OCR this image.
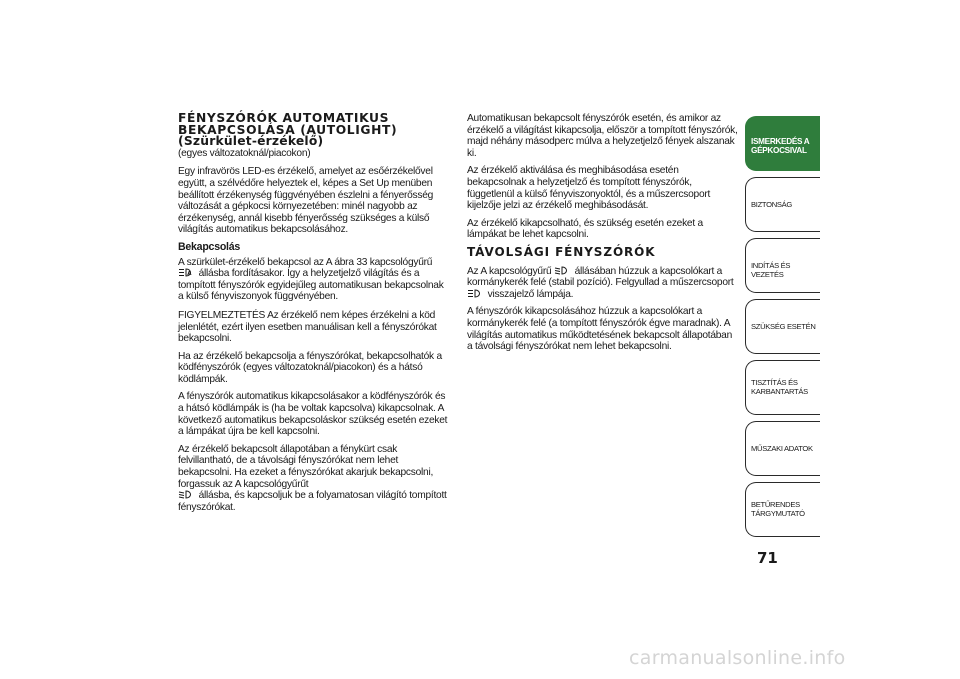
FÉNYSZÓRÓK AUTOMATIKUS
BEKAPCSOLÁSA (AUTOLIGHT)
(Szürkület-érzékelő)
(egyes változatoknál/piacokon)

Egy infravörös LED-es érzékelő, amelyet az esőérzékelővel együtt, a szélvédőre helyeztek el, képes a Set Up menüben beállított érzékenység függvényében észlelni a fényerősség változását a gépkocsi környezetében: minél nagyobb az érzékenység, annál kisebb fényerősség szükséges a külső világítás automatikus bekapcsolásához.

Bekapcsolás

A szürkület-érzékelő bekapcsol az A ábra 33 kapcsológyűrű

A állásba fordításakor. Így a helyzetjelző világítás és a tompított fényszórók egyidejűleg automatikusan bekapcsolnak a külső fényviszonyok függvényében.

FIGYELMEZTETÉS Az érzékelő nem képes érzékelni a köd jelenlétét, ezért ilyen esetben manuálisan kell a fényszórókat bekapcsolni.

Ha az érzékelő bekapcsolja a fényszórókat, bekapcsolhatók a ködfényszórók (egyes változatoknál/piacokon) és a hátsó ködlámpák.

A fényszórók automatikus kikapcsolásakor a ködfényszórók és a hátsó ködlámpák is (ha be voltak kapcsolva) kikapcsolnak. A következő automatikus bekapcsoláskor szükség esetén ezeket a lámpákat újra be kell kapcsolni.

Az érzékelő bekapcsolt állapotában a fénykürt csak felvillantható, de a távolsági fényszórókat nem lehet bekapcsolni. Ha ezeket a fényszórókat akarjuk bekapcsolni, forgassuk az A kapcsológyűrűt
állásba, és kapcsoljuk be a folyamatosan világító tompított fényszórókat.

Automatikusan bekapcsolt fényszórók esetén, és amikor az érzékelő a világítást kikapcsolja, először a tompított fényszórók, majd néhány másodperc múlva a helyzetjelző fények alszanak ki.

Az érzékelő aktiválása és meghibásodása esetén bekapcsolnak a helyzetjelző és tompított fényszórók, függetlenül a külső fényviszonyoktól, és a műszercsoport kijelzője jelzi az érzékelő meghibásodását.

Az érzékelő kikapcsolható, és szükség esetén ezeket a lámpákat be lehet kapcsolni.

TÁVOLSÁGI FÉNYSZÓRÓK

Az A kapcsológyűrű állásában húzzuk a kapcsolókart a kormánykerék felé (stabil pozíció). Felgyullad a műszercsoport
visszajelző lámpája.

A fényszórók kikapcsolásához húzzuk a kapcsolókart a kormánykerék felé (a tompított fényszórók égve maradnak). A világítás automatikus működtetésének bekapcsolt állapotában a távolsági fényszórókat nem lehet bekapcsolni.

ISMERKEDÉS A GÉPKOCSIVAL
BIZTONSÁG
INDÍTÁS ÉS VEZETÉS
SZÜKSÉG ESETÉN
TISZTÍTÁS ÉS KARBANTARTÁS
MŰSZAKI ADATOK
BETŰRENDES TÁRGYMUTATÓ
71
carmanualsonline.info
